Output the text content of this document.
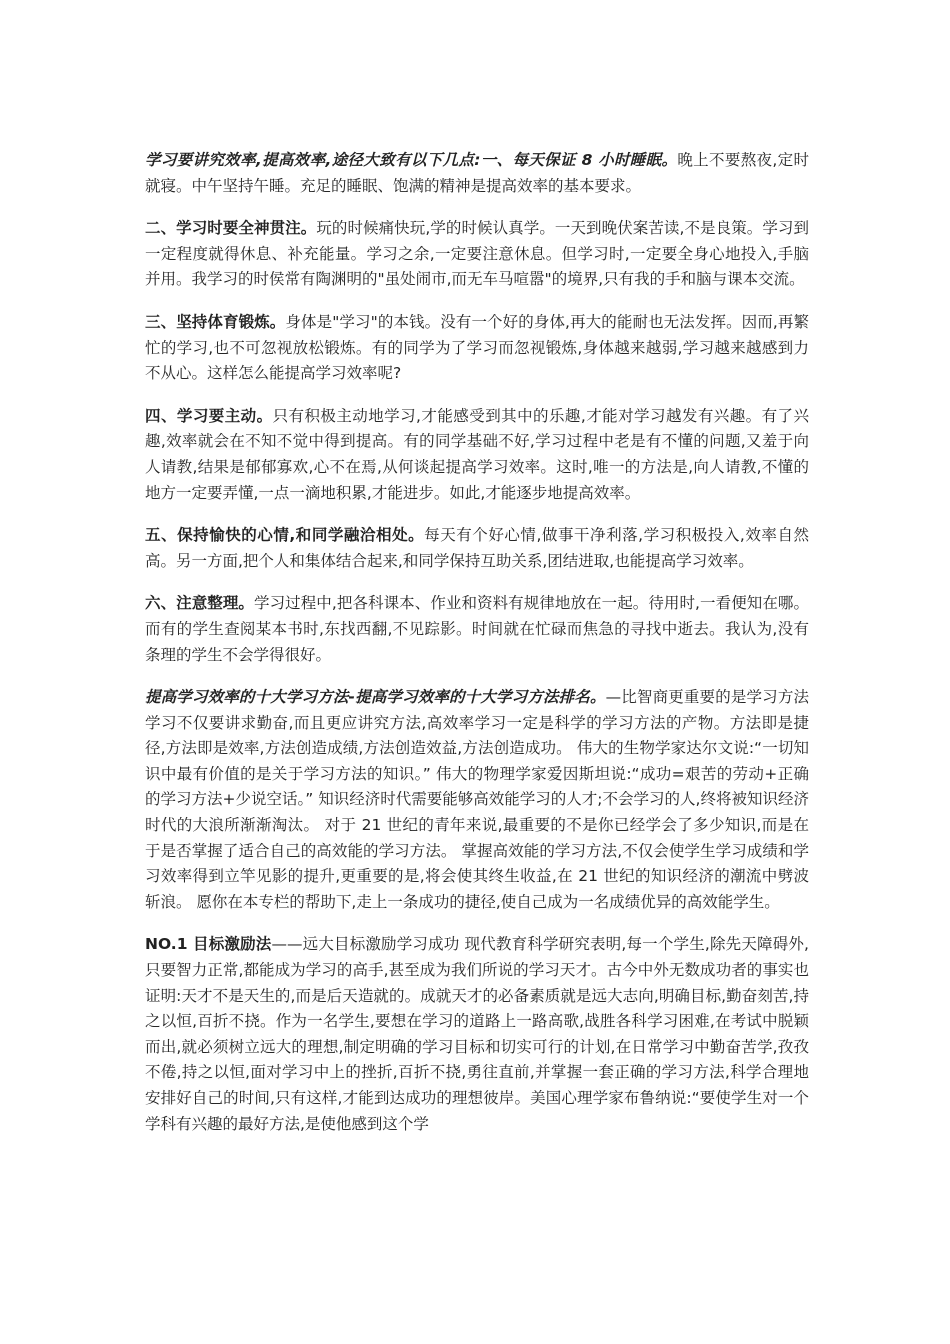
学习要讲究效率,提高效率,途径大致有以下几点:一、每天保证 8 小时睡眠。晚上不要熬夜,定时就寝。中午坚持午睡。充足的睡眠、饱满的精神是提高效率的基本要求。

二、学习时要全神贯注。玩的时候痛快玩,学的时候认真学。一天到晚伏案苦读,不是良策。学习到一定程度就得休息、补充能量。学习之余,一定要注意休息。但学习时,一定要全身心地投入,手脑并用。我学习的时侯常有陶渊明的"虽处闹市,而无车马喧嚣"的境界,只有我的手和脑与课本交流。

三、坚持体育锻炼。身体是"学习"的本钱。没有一个好的身体,再大的能耐也无法发挥。因而,再繁忙的学习,也不可忽视放松锻炼。有的同学为了学习而忽视锻炼,身体越来越弱,学习越来越感到力不从心。这样怎么能提高学习效率呢?

四、学习要主动。只有积极主动地学习,才能感受到其中的乐趣,才能对学习越发有兴趣。有了兴趣,效率就会在不知不觉中得到提高。有的同学基础不好,学习过程中老是有不懂的问题,又羞于向人请教,结果是郁郁寡欢,心不在焉,从何谈起提高学习效率。这时,唯一的方法是,向人请教,不懂的地方一定要弄懂,一点一滴地积累,才能进步。如此,才能逐步地提高效率。

五、保持愉快的心情,和同学融洽相处。每天有个好心情,做事干净利落,学习积极投入,效率自然高。另一方面,把个人和集体结合起来,和同学保持互助关系,团结进取,也能提高学习效率。

六、注意整理。学习过程中,把各科课本、作业和资料有规律地放在一起。待用时,一看便知在哪。而有的学生查阅某本书时,东找西翻,不见踪影。时间就在忙碌而焦急的寻找中逝去。我认为,没有条理的学生不会学得很好。

提高学习效率的十大学习方法-提高学习效率的十大学习方法排名。—比智商更重要的是学习方法 学习不仅要讲求勤奋,而且更应讲究方法,高效率学习一定是科学的学习方法的产物。方法即是捷径,方法即是效率,方法创造成绩,方法创造效益,方法创造成功。 伟大的生物学家达尔文说:“一切知识中最有价值的是关于学习方法的知识。” 伟大的物理学家爱因斯坦说:“成功=艰苦的劳动+正确的学习方法+少说空话。” 知识经济时代需要能够高效能学习的人才;不会学习的人,终将被知识经济时代的大浪所渐渐淘汰。 对于 21 世纪的青年来说,最重要的不是你已经学会了多少知识,而是在于是否掌握了适合自己的高效能的学习方法。 掌握高效能的学习方法,不仅会使学生学习成绩和学习效率得到立竿见影的提升,更重要的是,将会使其终生收益,在 21 世纪的知识经济的潮流中劈波斩浪。 愿你在本专栏的帮助下,走上一条成功的捷径,使自己成为一名成绩优异的高效能学生。

NO.1 目标激励法——远大目标激励学习成功 现代教育科学研究表明,每一个学生,除先天障碍外,只要智力正常,都能成为学习的高手,甚至成为我们所说的学习天才。古今中外无数成功者的事实也证明:天才不是天生的,而是后天造就的。成就天才的必备素质就是远大志向,明确目标,勤奋刻苦,持之以恒,百折不挠。作为一名学生,要想在学习的道路上一路高歌,战胜各科学习困难,在考试中脱颖而出,就必须树立远大的理想,制定明确的学习目标和切实可行的计划,在日常学习中勤奋苦学,孜孜不倦,持之以恒,面对学习中上的挫折,百折不挠,勇往直前,并掌握一套正确的学习方法,科学合理地安排好自己的时间,只有这样,才能到达成功的理想彼岸。美国心理学家布鲁纳说:“要使学生对一个学科有兴趣的最好方法,是使他感到这个学
